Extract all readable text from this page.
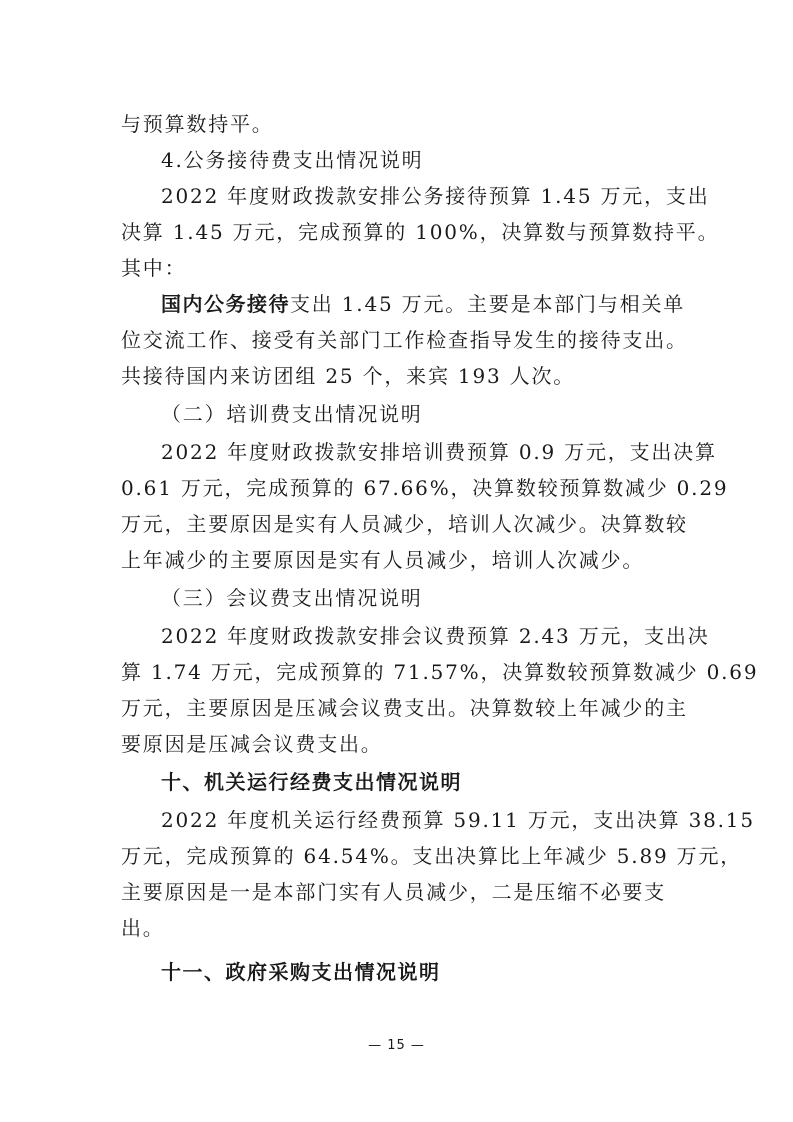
与预算数持平。

4.公务接待费支出情况说明

2022 年度财政拨款安排公务接待预算 1.45 万元，支出

决算 1.45 万元，完成预算的 100%，决算数与预算数持平。

其中：

国内公务接待支出 1.45 万元。主要是本部门与相关单

位交流工作、接受有关部门工作检查指导发生的接待支出。

共接待国内来访团组 25 个，来宾 193 人次。

（二）培训费支出情况说明

2022 年度财政拨款安排培训费预算 0.9 万元，支出决算

0.61 万元，完成预算的 67.66%，决算数较预算数减少 0.29

万元，主要原因是实有人员减少，培训人次减少。决算数较

上年减少的主要原因是实有人员减少，培训人次减少。

（三）会议费支出情况说明

2022 年度财政拨款安排会议费预算 2.43 万元，支出决

算 1.74 万元，完成预算的 71.57%，决算数较预算数减少 0.69

万元，主要原因是压减会议费支出。决算数较上年减少的主

要原因是压减会议费支出。

十、机关运行经费支出情况说明

2022 年度机关运行经费预算 59.11 万元，支出决算 38.15

万元，完成预算的 64.54%。支出决算比上年减少 5.89 万元，

主要原因是一是本部门实有人员减少，二是压缩不必要支

出。

十一、政府采购支出情况说明

— 15 —
